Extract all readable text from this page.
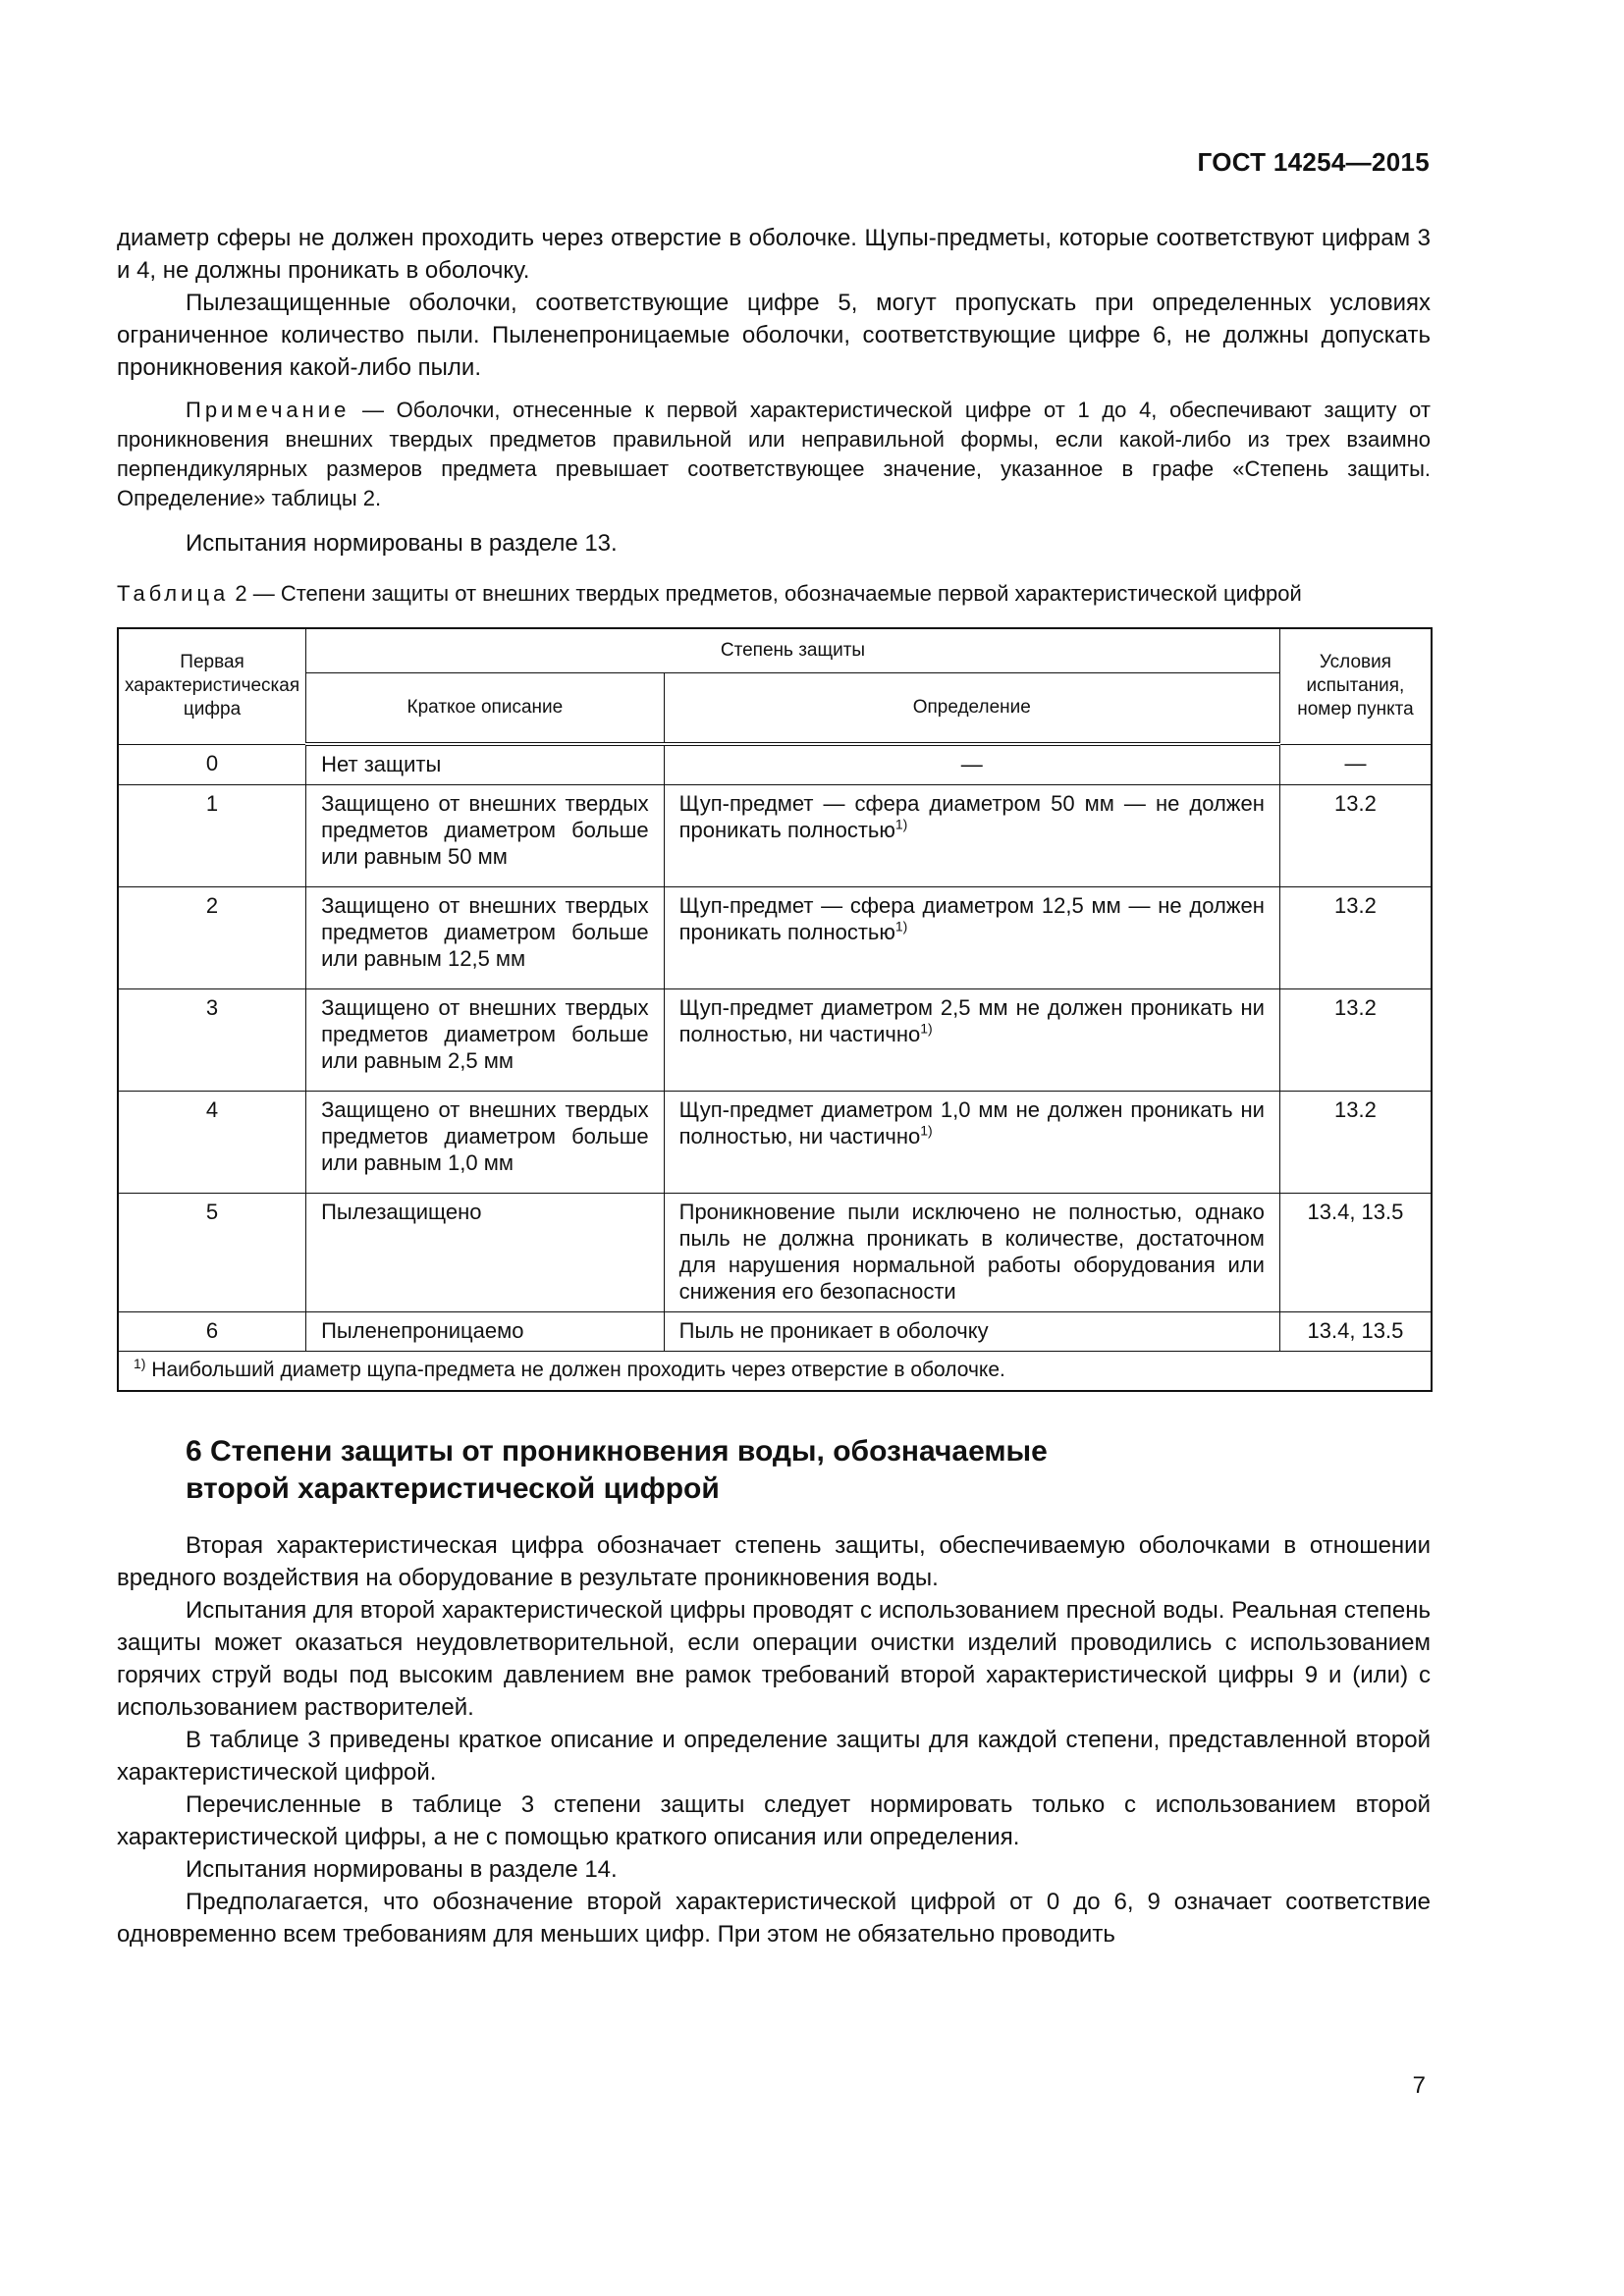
ГОСТ 14254—2015

диаметр сферы не должен проходить через отверстие в оболочке. Щупы-предметы, которые соответствуют цифрам 3 и 4, не должны проникать в оболочку.

Пылезащищенные оболочки, соответствующие цифре 5, могут пропускать при определенных условиях ограниченное количество пыли. Пыленепроницаемые оболочки, соответствующие цифре 6, не должны допускать проникновения какой-либо пыли.

Примечание — Оболочки, отнесенные к первой характеристической цифре от 1 до 4, обеспечивают защиту от проникновения внешних твердых предметов правильной или неправильной формы, если какой-либо из трех взаимно перпендикулярных размеров предмета превышает соответствующее значение, указанное в графе «Степень защиты. Определение» таблицы 2.

Испытания нормированы в разделе 13.

Таблица 2 — Степени защиты от внешних твердых предметов, обозначаемые первой характеристической цифрой
Первая характеристическая цифра	Степень защиты		Условия испытания, номер пункта
	Краткое описание	Определение	
0	Нет защиты	—	—
1	Защищено от внешних твердых предметов диаметром больше или равным 50 мм	Щуп-предмет — сфера диаметром 50 мм — не должен проникать полностью$^{1)}$	13.2
2	Защищено от внешних твердых предметов диаметром больше или равным 12,5 мм	Щуп-предмет — сфера диаметром 12,5 мм — не должен проникать полностью$^{1)}$	13.2
3	Защищено от внешних твердых предметов диаметром больше или равным 2,5 мм	Щуп-предмет диаметром 2,5 мм не должен проникать ни полностью, ни частично$^{1)}$	13.2
4	Защищено от внешних твердых предметов диаметром больше или равным 1,0 мм	Щуп-предмет диаметром 1,0 мм не должен проникать ни полностью, ни частично$^{1)}$	13.2
5	Пылезащищено	Проникновение пыли исключено не полностью, однако пыль не должна проникать в количестве, достаточном для нарушения нормальной работы оборудования или снижения его безопасности	13.4, 13.5
6	Пыленепроницаемо	Пыль не проникает в оболочку	13.4, 13.5
$^{1)}$ Наибольший диаметр щупа-предмета не должен проходить через отверстие в оболочке.			
6 Степени защиты от проникновения воды, обозначаемые
второй характеристической цифрой

Вторая характеристическая цифра обозначает степень защиты, обеспечиваемую оболочками в отношении вредного воздействия на оборудование в результате проникновения воды.

Испытания для второй характеристической цифры проводят с использованием пресной воды. Реальная степень защиты может оказаться неудовлетворительной, если операции очистки изделий проводились с использованием горячих струй воды под высоким давлением вне рамок требований второй характеристической цифры 9 и (или) с использованием растворителей.

В таблице 3 приведены краткое описание и определение защиты для каждой степени, представленной второй характеристической цифрой.

Перечисленные в таблице 3 степени защиты следует нормировать только с использованием второй характеристической цифры, а не с помощью краткого описания или определения.

Испытания нормированы в разделе 14.

Предполагается, что обозначение второй характеристической цифрой от 0 до 6, 9 означает соответствие одновременно всем требованиям для меньших цифр. При этом не обязательно проводить

7
